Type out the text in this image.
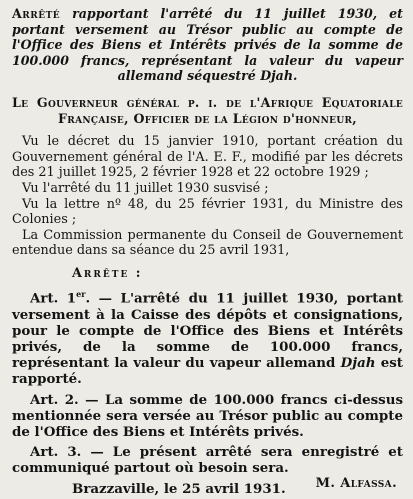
Arrêté rapportant l'arrêté du 11 juillet 1930, et portant versement au Trésor public au compte de l'Office des Biens et Intérêts privés de la somme de 100.000 francs, représentant la valeur du vapeur allemand séquestré Djah.
Le Gouverneur général p. i. de l'Afrique Equatoriale Française, Officier de la Légion d'honneur,

Vu le décret du 15 janvier 1910, portant création du Gouvernement général de l'A. E. F., modifié par les décrets des 21 juillet 1925, 2 février 1928 et 22 octobre 1929 ;

Vu l'arrêté du 11 juillet 1930 susvisé ;

Vu la lettre nº 48, du 25 février 1931, du Ministre des Colonies ;

La Commission permanente du Conseil de Gouvernement entendue dans sa séance du 25 avril 1931,

Arrête :

Art. 1er. — L'arrêté du 11 juillet 1930, portant versement à la Caisse des dépôts et consignations, pour le compte de l'Office des Biens et Intérêts privés, de la somme de 100.000 francs, représentant la valeur du vapeur allemand Djah est rapporté.

Art. 2. — La somme de 100.000 francs ci-dessus mentionnée sera versée au Trésor public au compte de l'Office des Biens et Intérêts privés.

Art. 3. — Le présent arrêté sera enregistré et communiqué partout où besoin sera.

Brazzaville, le 25 avril 1931.	M. Alfassa.
